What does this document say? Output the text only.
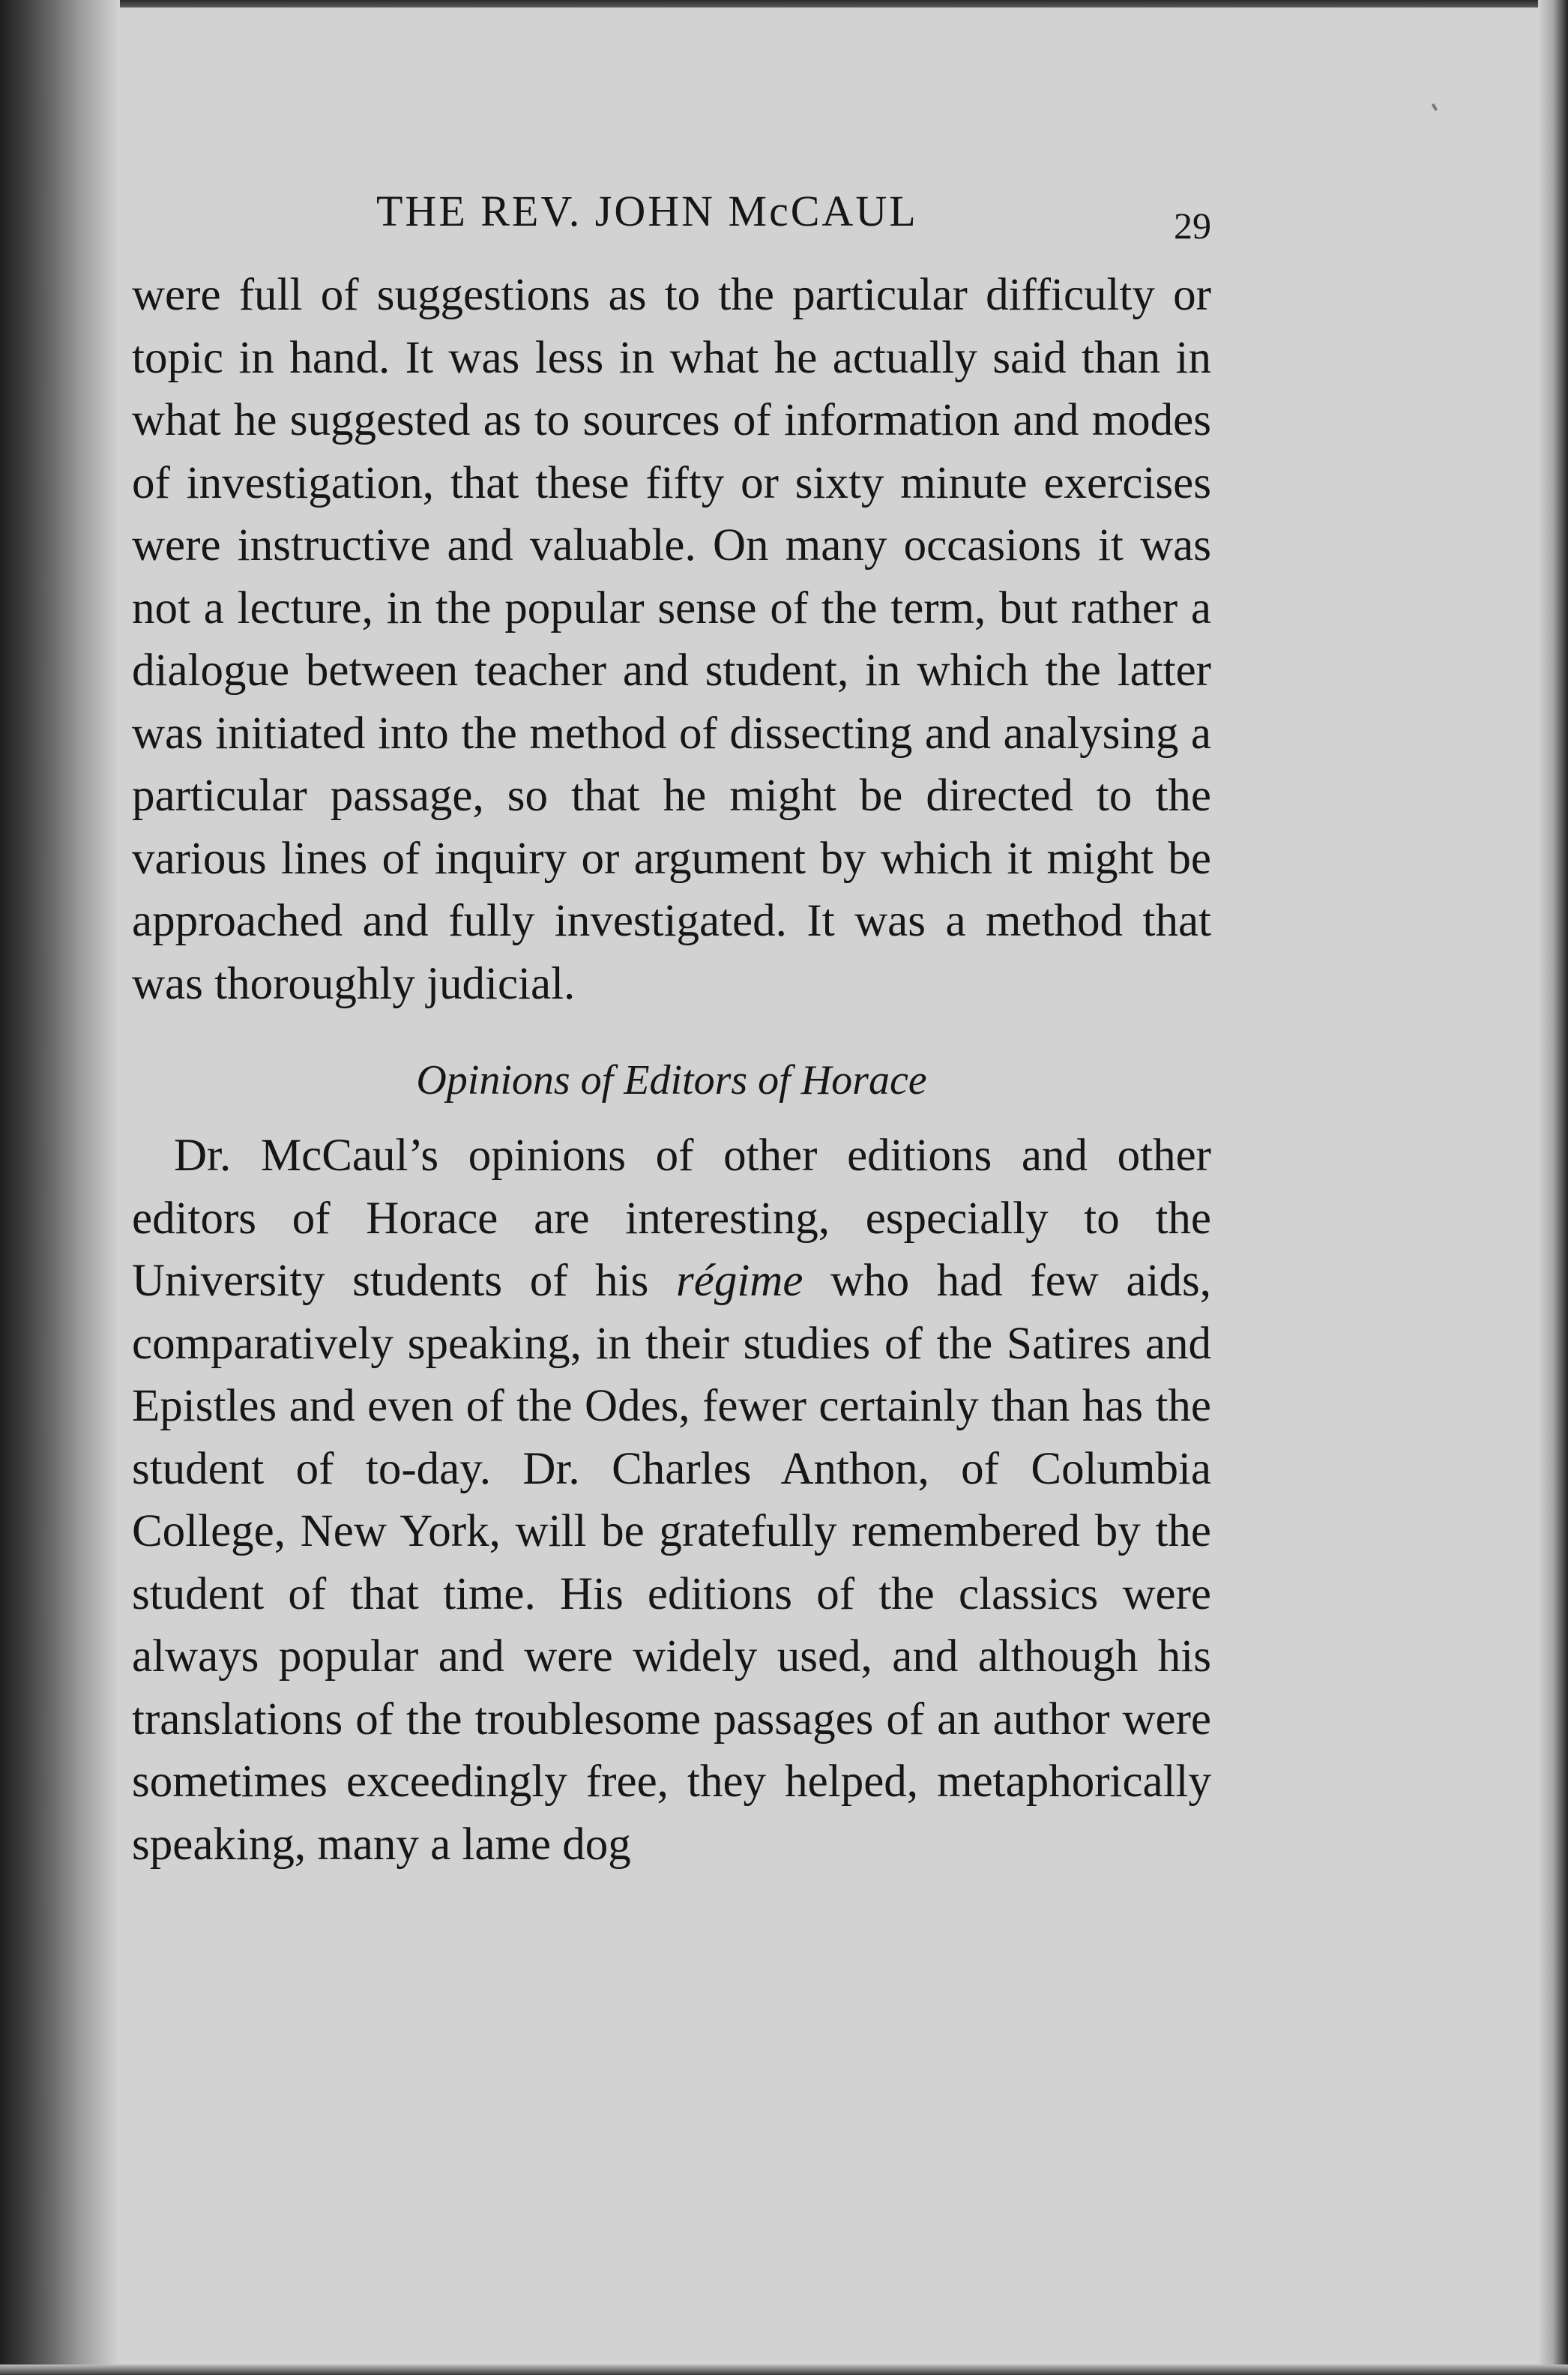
THE REV. JOHN McCAUL	29

were full of suggestions as to the particular difficulty or topic in hand. It was less in what he actually said than in what he suggested as to sources of information and modes of investigation, that these fifty or sixty minute exercises were instructive and valuable. On many occasions it was not a lecture, in the popular sense of the term, but rather a dialogue between teacher and student, in which the latter was initiated into the method of dissecting and analysing a particular passage, so that he might be directed to the various lines of inquiry or argument by which it might be approached and fully investigated. It was a method that was thoroughly judicial.

Opinions of Editors of Horace

Dr. McCaul’s opinions of other editions and other editors of Horace are interesting, especially to the University students of his régime who had few aids, comparatively speaking, in their studies of the Satires and Epistles and even of the Odes, fewer certainly than has the student of to-day. Dr. Charles Anthon, of Columbia College, New York, will be gratefully remembered by the student of that time. His editions of the classics were always popular and were widely used, and although his translations of the troublesome passages of an author were sometimes exceedingly free, they helped, metaphorically speaking, many a lame dog
